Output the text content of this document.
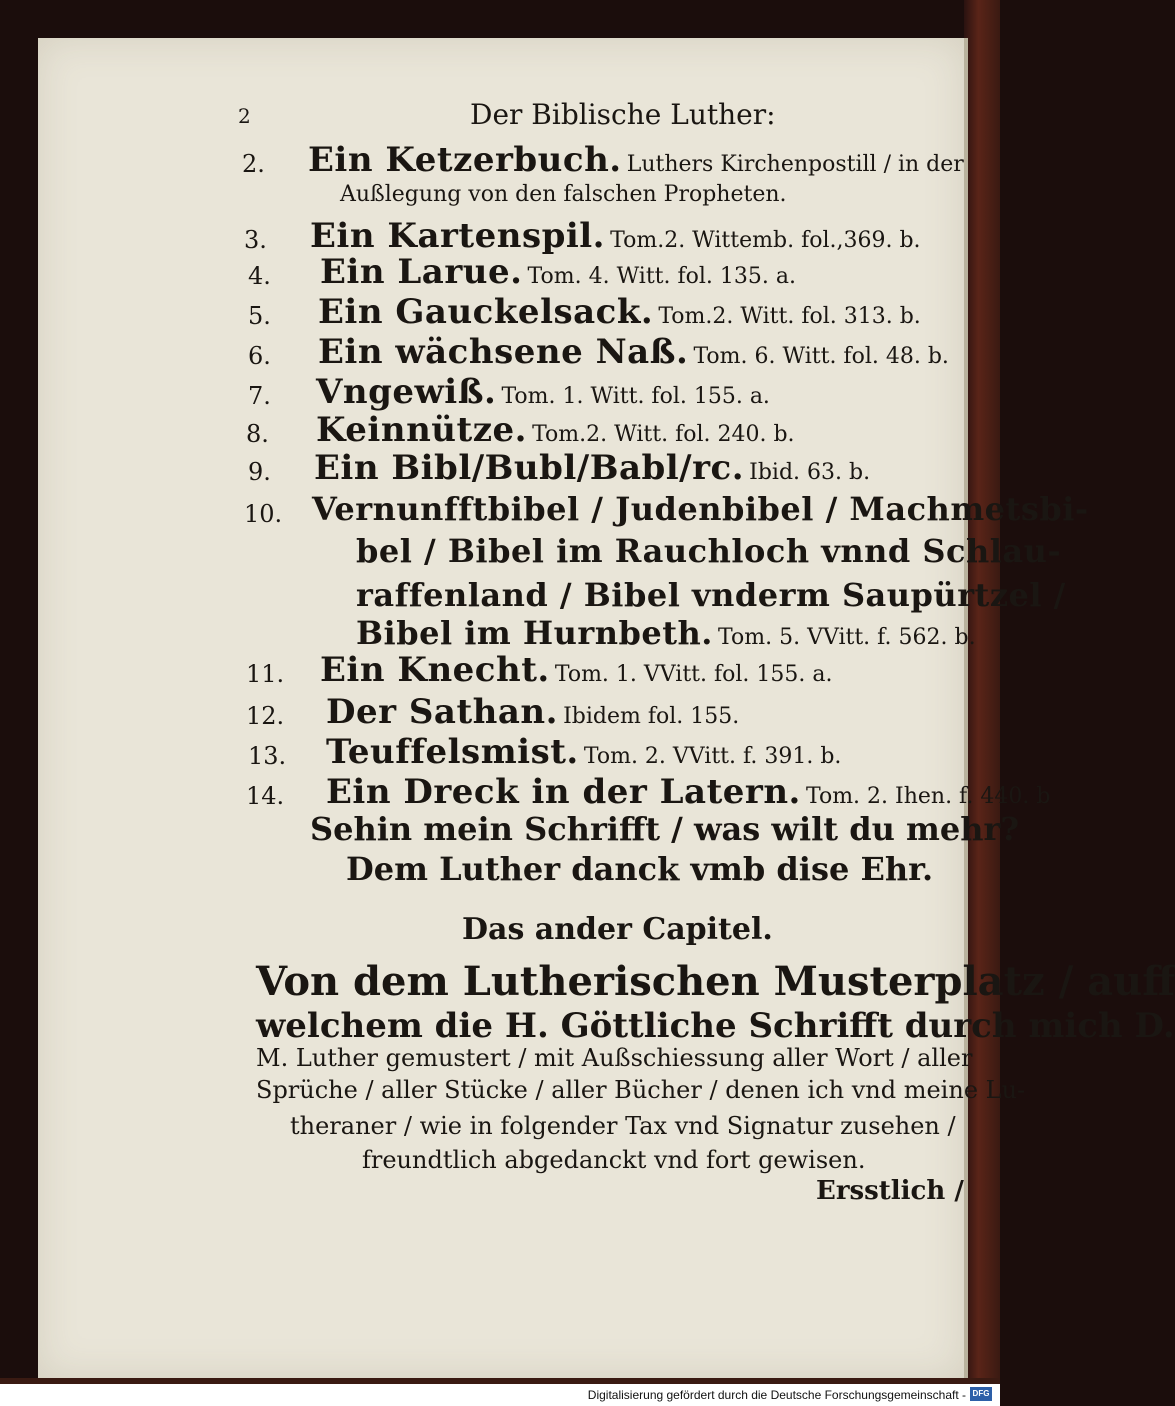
2	Der Biblische Luther:
2. Ein Ketzerbuch. Luthers Kirchenpostill / in der
Außlegung von den falschen Propheten.
3. Ein Kartenspil. Tom.2. Wittemb. fol.,369. b.
4. Ein Larue. Tom. 4. Witt. fol. 135. a.
5. Ein Gauckelsack. Tom.2. Witt. fol. 313. b.
6. Ein wächsene Naß. Tom. 6. Witt. fol. 48. b.
7. Vngewiß. Tom. 1. Witt. fol. 155. a.
8. Keinnütze. Tom.2. Witt. fol. 240. b.
9. Ein Bibl/Bubl/Babl/rc. Ibid. 63. b.
10. Vernunfftbibel / Judenbibel / Machmetsbi-
bel / Bibel im Rauchloch vnnd Schlau-
raffenland / Bibel vnderm Saupürtzel /
Bibel im Hurnbeth. Tom. 5. VVitt. f. 562. b.
11. Ein Knecht. Tom. 1. VVitt. fol. 155. a.
12. Der Sathan. Ibidem fol. 155.
13. Teuffelsmist. Tom. 2. VVitt. f. 391. b.
14. Ein Dreck in der Latern. Tom. 2. Ihen. f. 440. b
Sehin mein Schrifft / was wilt du mehr?
Dem Luther danck vmb dise Ehr.
Das ander Capitel.
Von dem Lutherischen Musterplatz / auff
welchem die H. Göttliche Schrifft durch mich D.
M. Luther gemustert / mit Außschiessung aller Wort / aller
Sprüche / aller Stücke / aller Bücher / denen ich vnd meine Lu-
theraner / wie in folgender Tax vnd Signatur zusehen /
freundtlich abgedanckt vnd fort gewisen.
Ersstlich /
Digitalisierung gefördert durch die Deutsche Forschungsgemeinschaft - DFG
